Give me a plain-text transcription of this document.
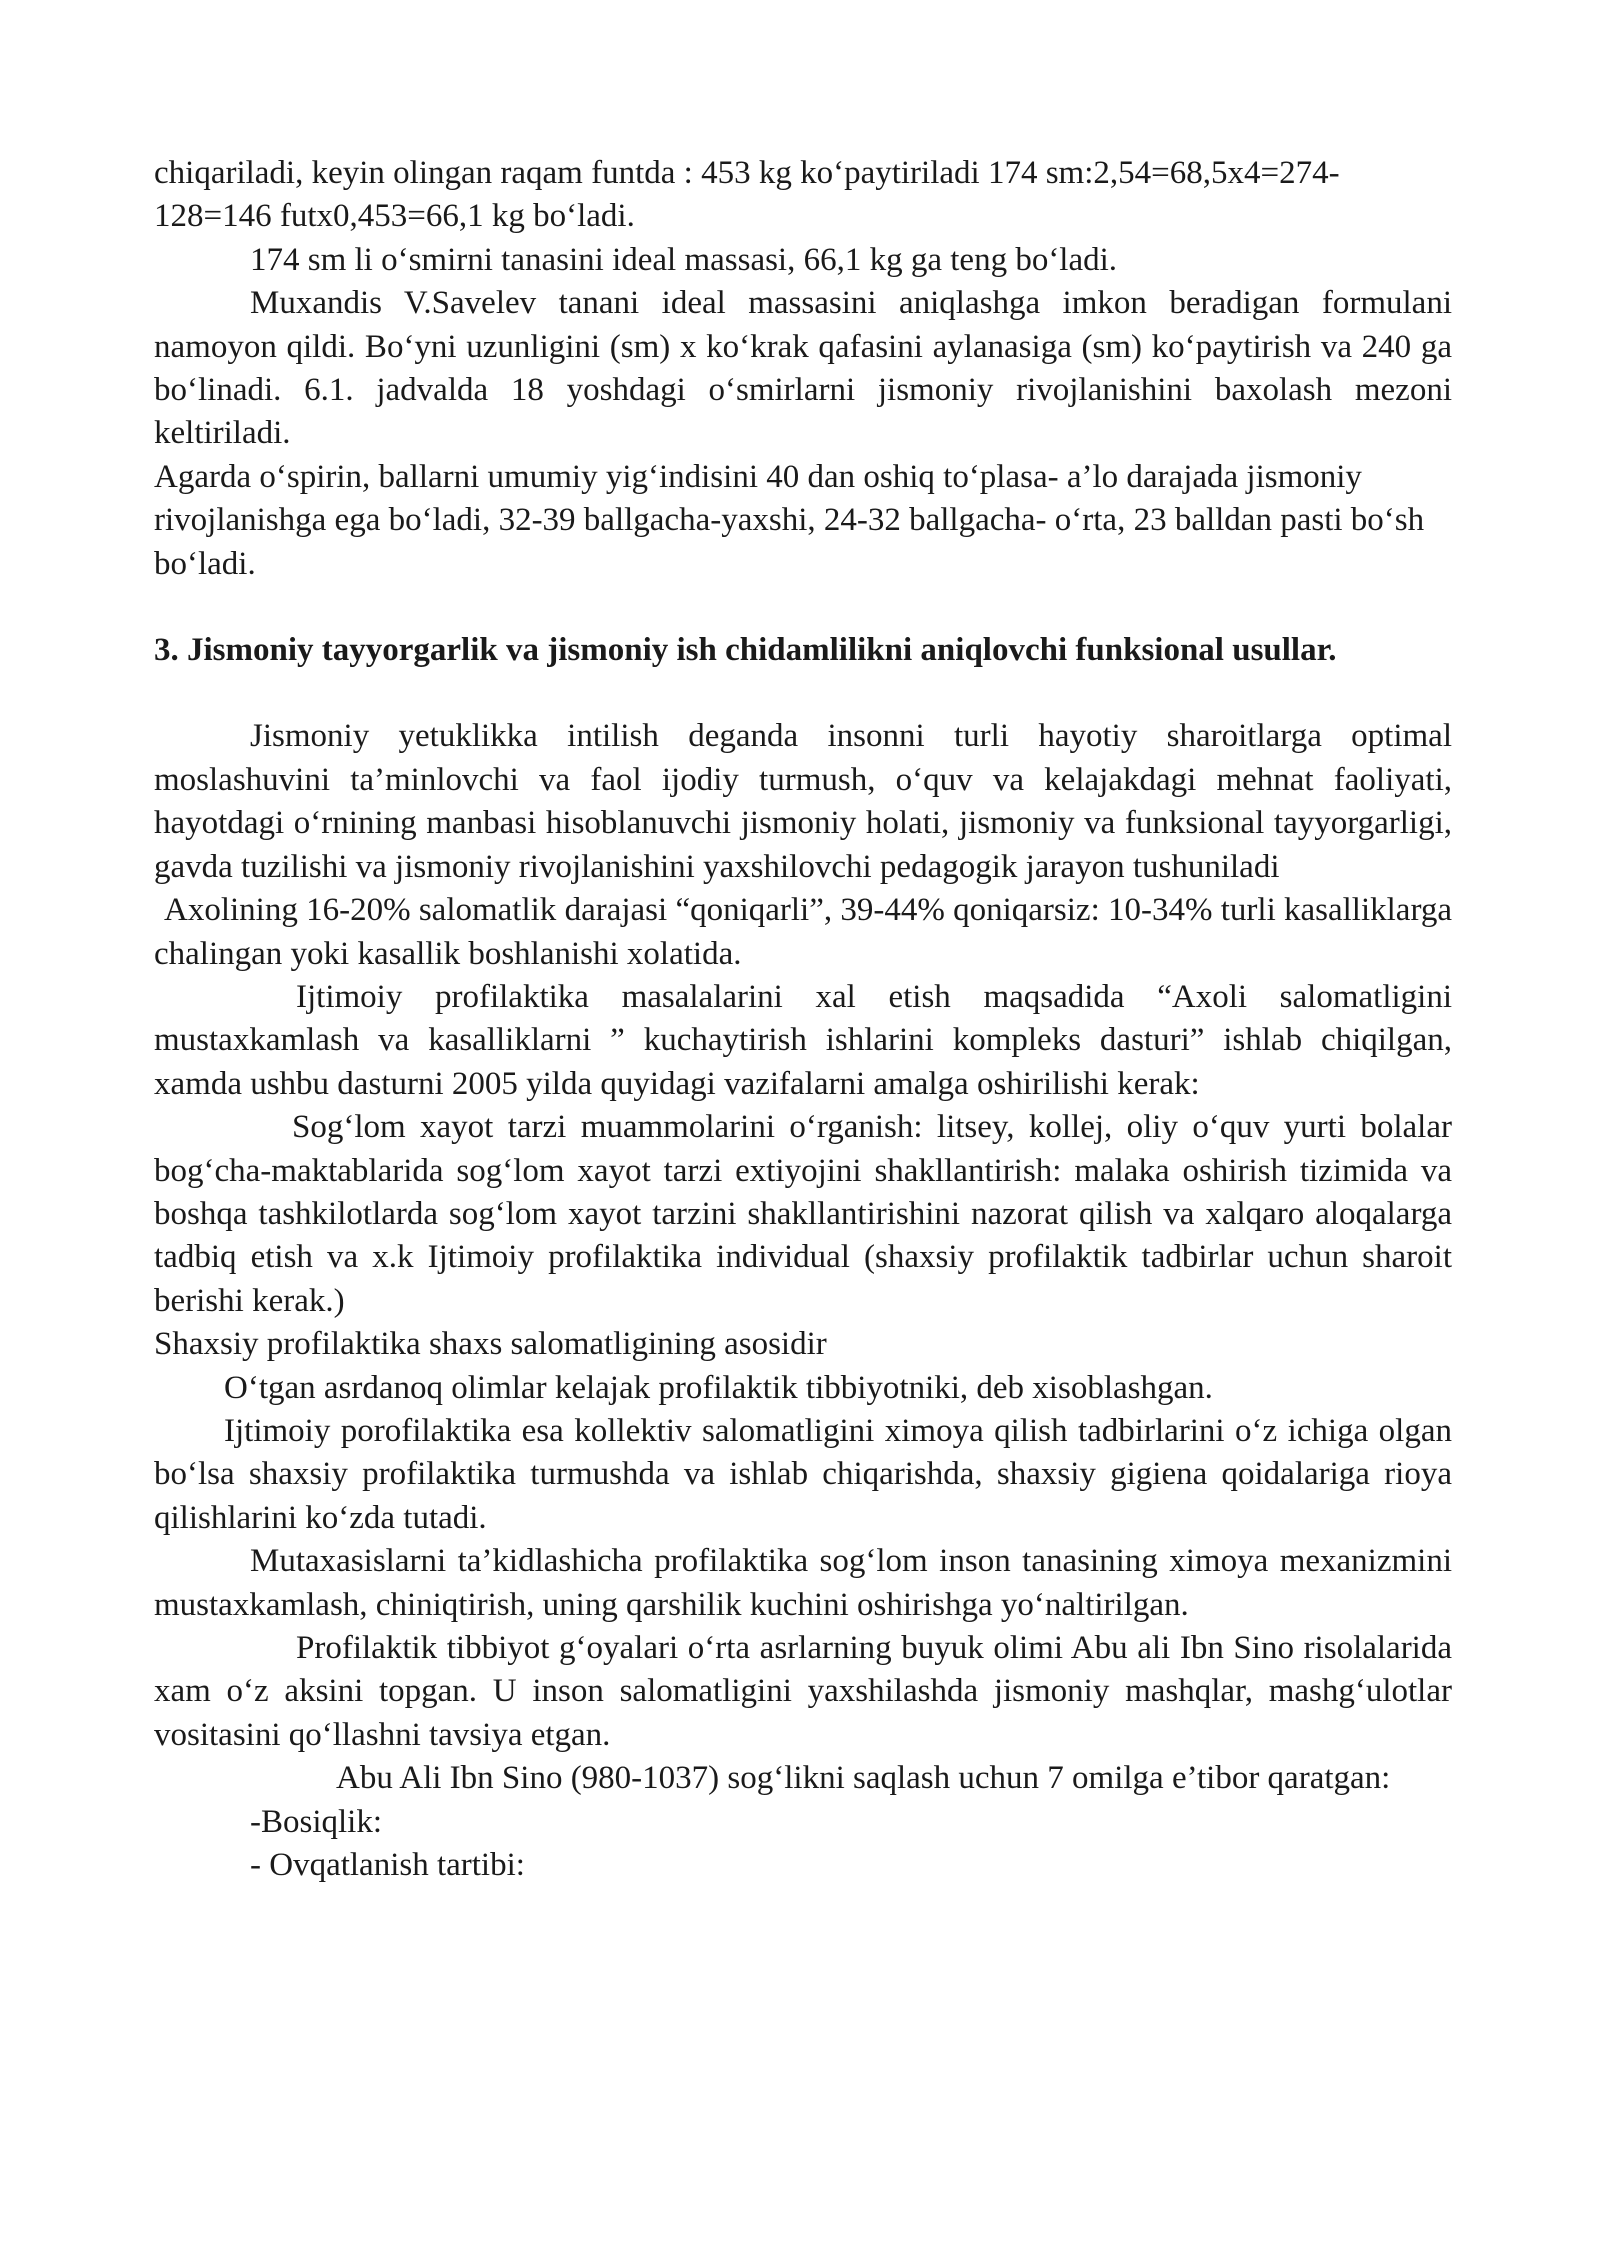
chiqariladi, keyin olingan raqam funtda : 453 kg koʻpaytiriladi 174 sm:2,54=68,5x4=274-128=146 futx0,453=66,1 kg boʻladi.

174 sm li oʻsmirni tanasini ideal massasi, 66,1 kg ga teng boʻladi.

Muxandis V.Savelev tanani ideal massasini aniqlashga imkon beradigan formulani namoyon qildi. Boʻyni uzunligini (sm) x koʻkrak qafasini aylanasiga (sm) koʻpaytirish va 240 ga boʻlinadi. 6.1. jadvalda 18 yoshdagi oʻsmirlarni jismoniy rivojlanishini baxolash mezoni keltiriladi.

Agarda oʻspirin, ballarni umumiy yigʻindisini 40 dan oshiq toʻplasa- a’lo darajada jismoniy rivojlanishga ega boʻladi, 32-39 ballgacha-yaxshi, 24-32 ballgacha- oʻrta, 23 balldan pasti boʻsh boʻladi.

3. Jismoniy tayyorgarlik va jismoniy ish chidamlilikni aniqlovchi funksional usullar.

Jismoniy yetuklikka intilish deganda insonni turli hayotiy sharoitlarga optimal moslashuvini ta’minlovchi va faol ijodiy turmush, oʻquv va kelajakdagi mehnat faoliyati, hayotdagi oʻrnining manbasi hisoblanuvchi jismoniy holati, jismoniy va funksional tayyorgarligi, gavda tuzilishi va jismoniy rivojlanishini yaxshilovchi pedagogik jarayon tushuniladi

Axolining 16-20% salomatlik darajasi “qoniqarli”, 39-44% qoniqarsiz: 10-34% turli kasalliklarga chalingan yoki kasallik boshlanishi xolatida.

Ijtimoiy profilaktika masalalarini xal etish maqsadida “Axoli salomatligini mustaxkamlash va kasalliklarni ” kuchaytirish ishlarini kompleks dasturi” ishlab chiqilgan, xamda ushbu dasturni 2005 yilda quyidagi vazifalarni amalga oshirilishi kerak:

Sogʻlom xayot tarzi muammolarini oʻrganish: litsey, kollej, oliy oʻquv yurti bolalar bogʻcha-maktablarida sogʻlom xayot tarzi extiyojini shakllantirish: malaka oshirish tizimida va boshqa tashkilotlarda sogʻlom xayot tarzini shakllantirishini nazorat qilish va xalqaro aloqalarga tadbiq etish va x.k Ijtimoiy profilaktika individual (shaxsiy profilaktik tadbirlar uchun sharoit berishi kerak.)

Shaxsiy profilaktika shaxs salomatligining asosidir

Oʻtgan asrdanoq olimlar kelajak profilaktik tibbiyotniki, deb xisoblashgan.

Ijtimoiy porofilaktika esa kollektiv salomatligini ximoya qilish tadbirlarini oʻz ichiga olgan boʻlsa shaxsiy profilaktika turmushda va ishlab chiqarishda, shaxsiy gigiena qoidalariga rioya qilishlarini koʻzda tutadi.

Mutaxasislarni ta’kidlashicha profilaktika sogʻlom inson tanasining ximoya mexanizmini mustaxkamlash, chiniqtirish, uning qarshilik kuchini oshirishga yoʻnaltirilgan.

Profilaktik tibbiyot gʻoyalari oʻrta asrlarning buyuk olimi Abu ali Ibn Sino risolalarida xam oʻz aksini topgan. U inson salomatligini yaxshilashda jismoniy mashqlar, mashgʻulotlar vositasini qoʻllashni tavsiya etgan.

Abu Ali Ibn Sino (980-1037) sogʻlikni saqlash uchun 7 omilga e’tibor qaratgan:

-Bosiqlik:

- Ovqatlanish tartibi:
